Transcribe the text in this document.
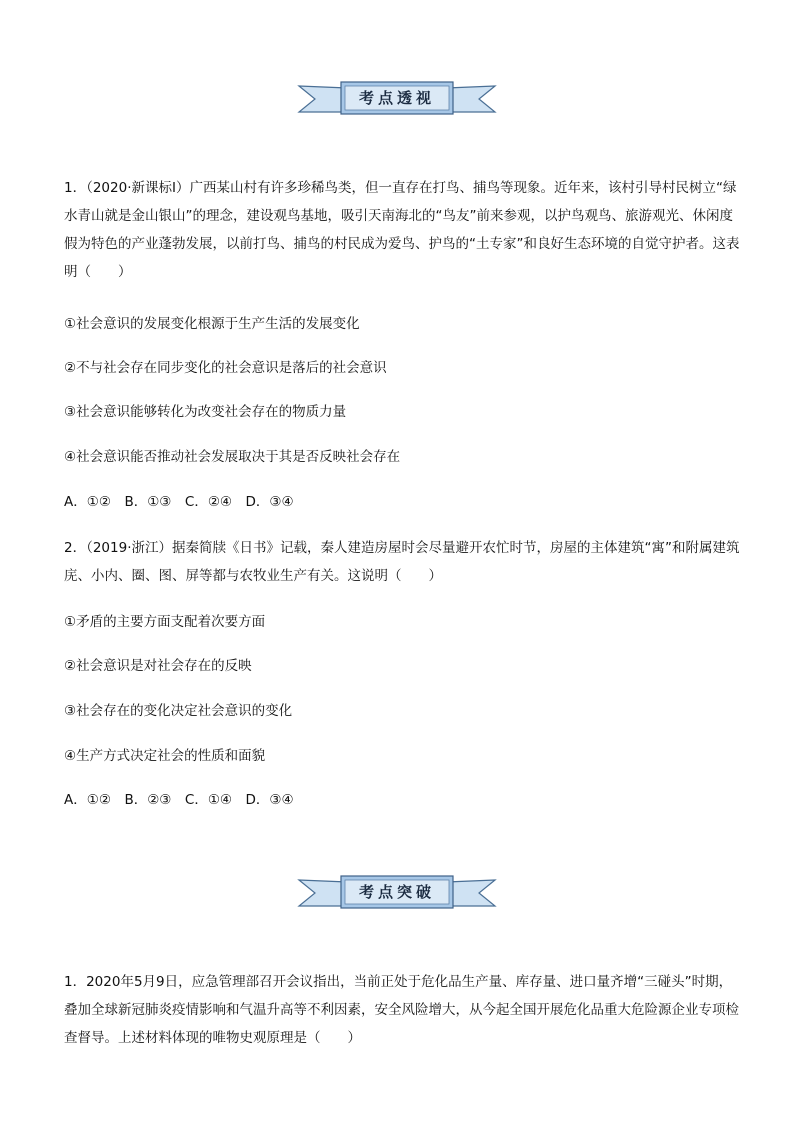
考点透视
1．（2020·新课标Ⅰ）广西某山村有许多珍稀鸟类，但一直存在打鸟、捕鸟等现象。近年来，该村引导村民树立“绿水青山就是金山银山”的理念，建设观鸟基地，吸引天南海北的“鸟友”前来参观，以护鸟观鸟、旅游观光、休闲度假为特色的产业蓬勃发展，以前打鸟、捕鸟的村民成为爱鸟、护鸟的“土专家”和良好生态环境的自觉守护者。这表明（　　）
①社会意识的发展变化根源于生产生活的发展变化
②不与社会存在同步变化的社会意识是落后的社会意识
③社会意识能够转化为改变社会存在的物质力量
④社会意识能否推动社会发展取决于其是否反映社会存在
A．①②　B．①③　C．②④　D．③④
2．（2019·浙江）据秦简牍《日书》记载，秦人建造房屋时会尽量避开农忙时节，房屋的主体建筑“寓”和附属建筑庑、小内、圈、图、屏等都与农牧业生产有关。这说明（　　）
①矛盾的主要方面支配着次要方面
②社会意识是对社会存在的反映
③社会存在的变化决定社会意识的变化
④生产方式决定社会的性质和面貌
A．①②　B．②③　C．①④　D．③④
考点突破
1．2020年5月9日，应急管理部召开会议指出，当前正处于危化品生产量、库存量、进口量齐增“三碰头”时期，叠加全球新冠肺炎疫情影响和气温升高等不利因素，安全风险增大，从今起全国开展危化品重大危险源企业专项检查督导。上述材料体现的唯物史观原理是（　　）
